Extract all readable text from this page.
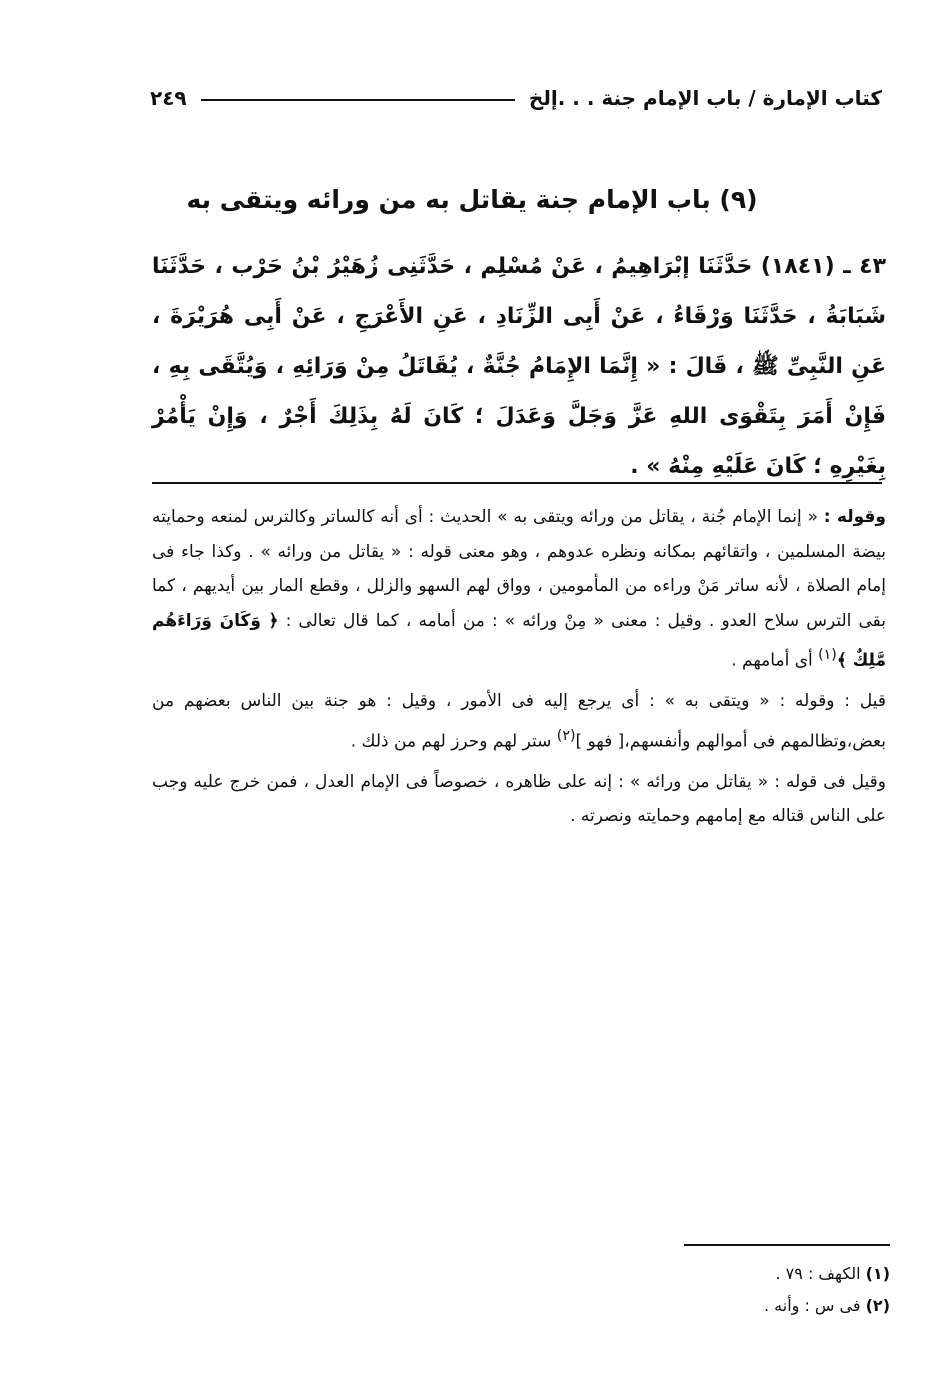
كتاب الإمارة / باب الإمام جنة . . .إلخ
٢٤٩
(٩) باب الإمام جنة يقاتل به من ورائه ويتقى به
٤٣ ـ (١٨٤١) حَدَّثَنَا إبْرَاهِيمُ ، عَنْ مُسْلِم ، حَدَّثَنِى زُهَيْرُ بْنُ حَرْب ، حَدَّثَنَا شَبَابَةُ ، حَدَّثَنَا وَرْقَاءُ ، عَنْ أَبِى الزِّنَادِ ، عَنِ الأَعْرَجِ ، عَنْ أَبِى هُرَيْرَةَ ، عَنِ النَّبِىِّ ﷺ ، قَالَ : « إِنَّمَا الإِمَامُ جُنَّةٌ ، يُقَاتَلُ مِنْ وَرَائِهِ ، وَيُتَّقَى بِهِ ، فَإِنْ أَمَرَ بِتَقْوَى اللهِ عَزَّ وَجَلَّ وَعَدَلَ ؛ كَانَ لَهُ بِذَلِكَ أَجْرٌ ، وَإِنْ يَأْمُرْ بِغَيْرِهِ ؛ كَانَ عَلَيْهِ مِنْهُ » .

وقوله : « إنما الإمام جُنة ، يقاتل من ورائه ويتقى به » الحديث : أى أنه كالساتر وكالترس لمنعه وحمايته بيضة المسلمين ، واتقائهم بمكانه ونظره عدوهم ، وهو معنى قوله : « يقاتل من ورائه » . وكذا جاء فى إمام الصلاة ، لأنه ساتر مَنْ وراءه من المأمومين ، وواق لهم السهو والزلل ، وقطع المار بين أيديهم ، كما بقى الترس سلاح العدو . وقيل : معنى « مِنْ ورائه » : من أمامه ، كما قال تعالى : ﴿ وَكَانَ وَرَاءَهُم مَّلِكٌ ﴾$^{(١)}$ أى أمامهم .

قيل : وقوله : « ويتقى به » : أى يرجع إليه فى الأمور ، وقيل : هو جنة بين الناس بعضهم من بعض،وتظالمهم فى أموالهم وأنفسهم،[ فهو ]$^{(٢)}$ ستر لهم وحرز لهم من ذلك .

وقيل فى قوله : « يقاتل من ورائه » : إنه على ظاهره ، خصوصاً فى الإمام العدل ، فمن خرج عليه وجب على الناس قتاله مع إمامهم وحمايته ونصرته .

(١) الكهف : ٧٩ .
(٢) فى س : وأنه .
